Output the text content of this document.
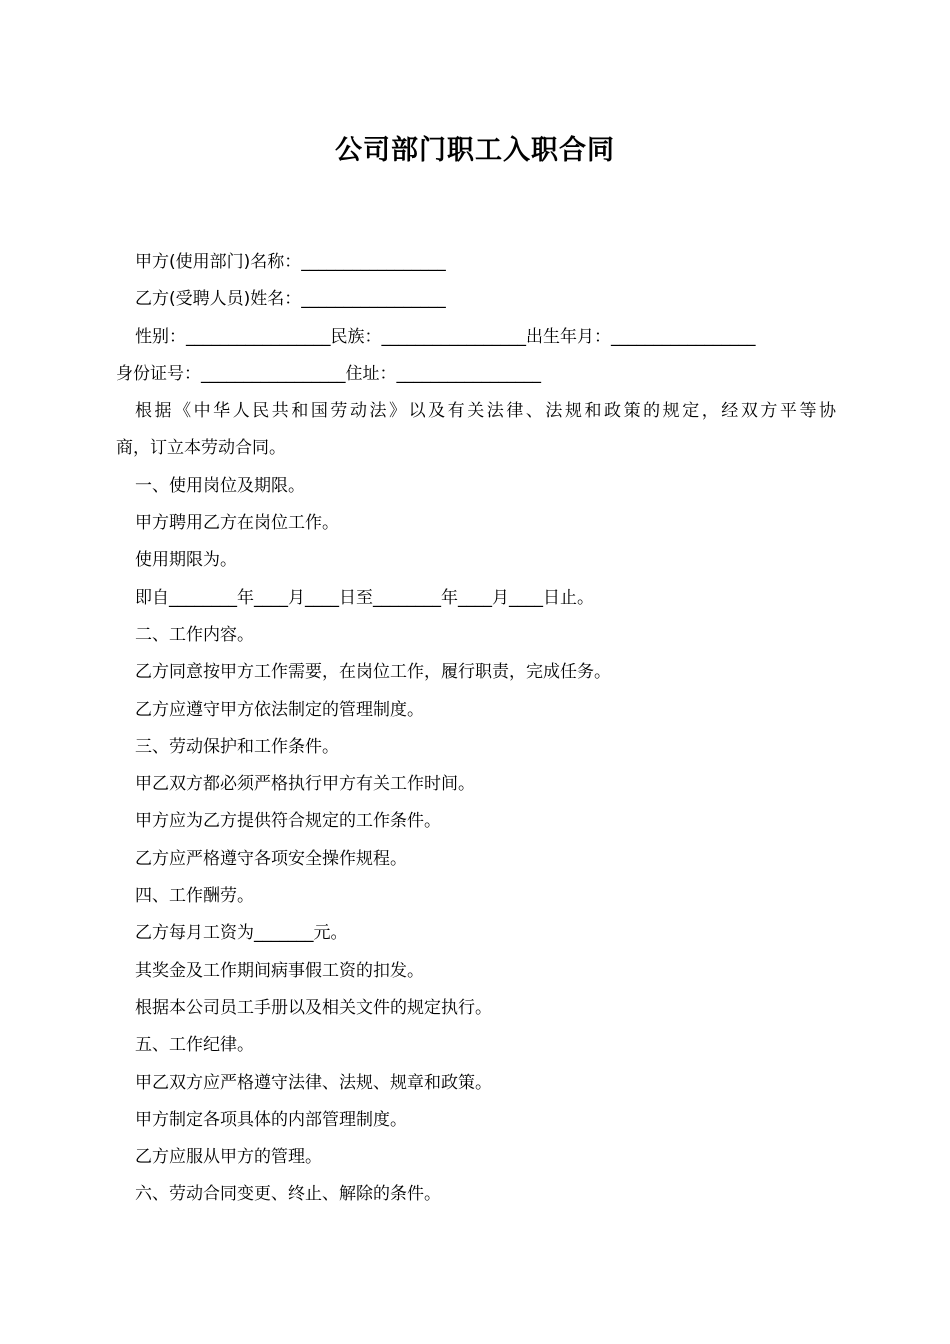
公司部门职工入职合同
甲方(使用部门)名称：_________________
乙方(受聘人员)姓名：_________________
性别：_________________民族：_________________出生年月：_________________
身份证号：_________________住址：_________________
根据《中华人民共和国劳动法》以及有关法律、法规和政策的规定，经双方平等协
商，订立本劳动合同。
一、使用岗位及期限。
甲方聘用乙方在岗位工作。
使用期限为。
即自________年____月____日至________年____月____日止。
二、工作内容。
乙方同意按甲方工作需要，在岗位工作，履行职责，完成任务。
乙方应遵守甲方依法制定的管理制度。
三、劳动保护和工作条件。
甲乙双方都必须严格执行甲方有关工作时间。
甲方应为乙方提供符合规定的工作条件。
乙方应严格遵守各项安全操作规程。
四、工作酬劳。
乙方每月工资为_______元。
其奖金及工作期间病事假工资的扣发。
根据本公司员工手册以及相关文件的规定执行。
五、工作纪律。
甲乙双方应严格遵守法律、法规、规章和政策。
甲方制定各项具体的内部管理制度。
乙方应服从甲方的管理。
六、劳动合同变更、终止、解除的条件。
